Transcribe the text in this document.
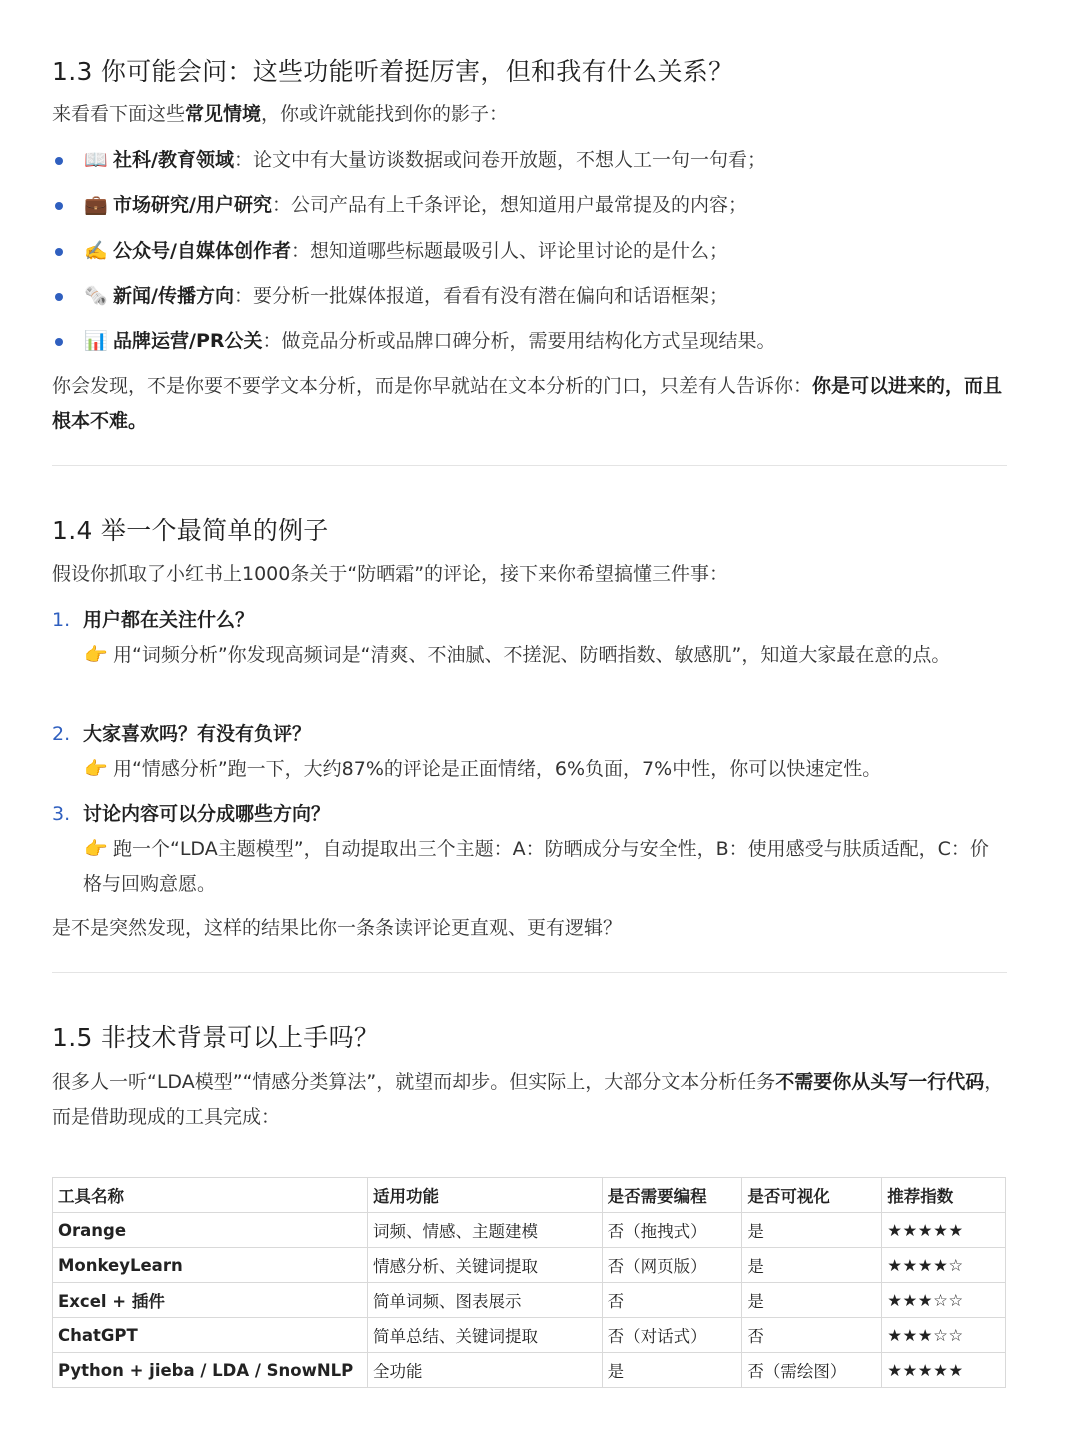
1.3 你可能会问：这些功能听着挺厉害，但和我有什么关系？

来看看下面这些常见情境，你或许就能找到你的影子：

📖 社科/教育领域：论文中有大量访谈数据或问卷开放题，不想人工一句一句看；
💼 市场研究/用户研究：公司产品有上千条评论，想知道用户最常提及的内容；
✍️ 公众号/自媒体创作者：想知道哪些标题最吸引人、评论里讨论的是什么；
🗞️ 新闻/传播方向：要分析一批媒体报道，看看有没有潜在偏向和话语框架；
📊 品牌运营/PR公关：做竞品分析或品牌口碑分析，需要用结构化方式呈现结果。

你会发现，不是你要不要学文本分析，而是你早就站在文本分析的门口，只差有人告诉你：你是可以进来的，而且根本不难。

1.4 举一个最简单的例子

假设你抓取了小红书上1000条关于“防晒霜”的评论，接下来你希望搞懂三件事：

1. 用户都在关注什么？
👉 用“词频分析”你发现高频词是“清爽、不油腻、不搓泥、防晒指数、敏感肌”，知道大家最在意的点。
2. 大家喜欢吗？有没有负评？
👉 用“情感分析”跑一下，大约87%的评论是正面情绪，6%负面，7%中性，你可以快速定性。
3. 讨论内容可以分成哪些方向？
👉 跑一个“LDA主题模型”，自动提取出三个主题：A：防晒成分与安全性，B：使用感受与肤质适配，C：价格与回购意愿。

是不是突然发现，这样的结果比你一条条读评论更直观、更有逻辑？

1.5 非技术背景可以上手吗？

很多人一听“LDA模型”“情感分类算法”，就望而却步。但实际上，大部分文本分析任务不需要你从头写一行代码，而是借助现成的工具完成：

工具名称	适用功能	是否需要编程	是否可视化	推荐指数
Orange	词频、情感、主题建模	否（拖拽式）	是	★★★★★
MonkeyLearn	情感分析、关键词提取	否（网页版）	是	★★★★☆
Excel + 插件	简单词频、图表展示	否	是	★★★☆☆
ChatGPT	简单总结、关键词提取	否（对话式）	否	★★★☆☆
Python + jieba / LDA / SnowNLP	全功能	是	否（需绘图）	★★★★★
